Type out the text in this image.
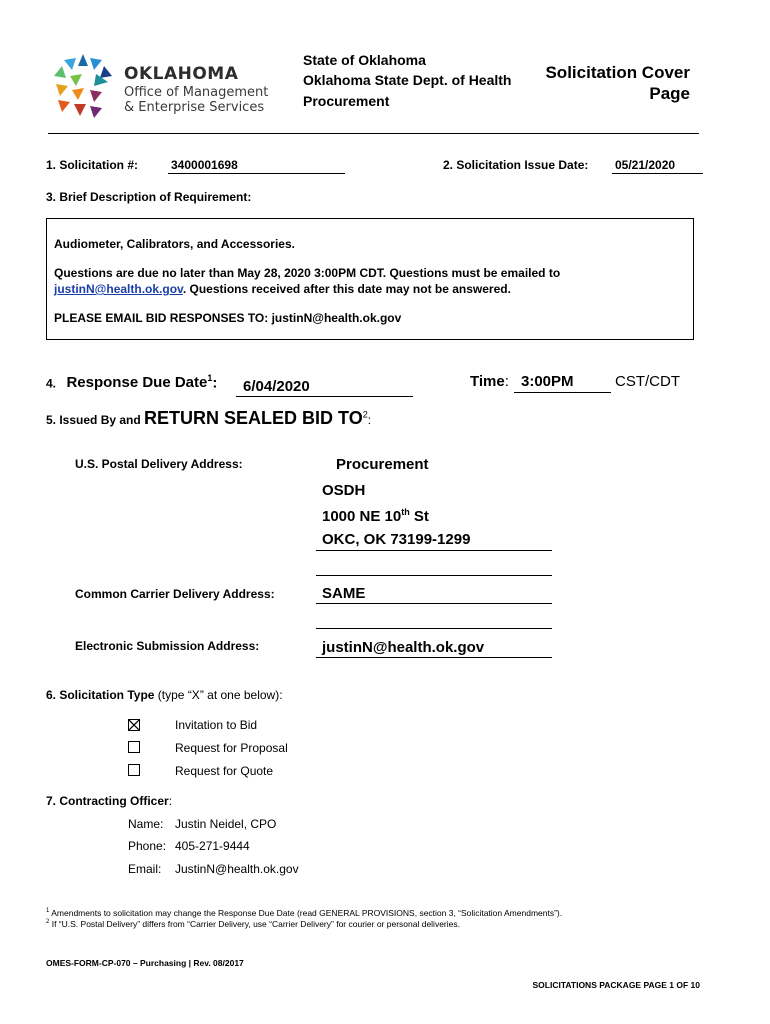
OKLAHOMA
Office of Management
& Enterprise Services
State of Oklahoma
Oklahoma State Dept. of Health
Procurement
Solicitation Cover
Page
1. Solicitation #:	3400001698	2. Solicitation Issue Date: 05/21/2020
3. Brief Description of Requirement:
Audiometer, Calibrators, and Accessories.
Questions are due no later than May 28, 2020 3:00PM CDT. Questions must be emailed to
justinN@health.ok.gov. Questions received after this date may not be answered.
PLEASE EMAIL BID RESPONSES TO: justinN@health.ok.gov
4. Response Due Date$^1$:	6/04/2020	Time: 3:00PM	CST/CDT
5. Issued By and RETURN SEALED BID $TO^2$:
U.S. Postal Delivery Address:	Procurement
OSDH
1000 NE 10th St
OKC, OK 73199-1299
Common Carrier Delivery Address:	SAME
Electronic Submission Address:	justinN@health.ok.gov
6. Solicitation Type (type “X” at one below):
Invitation to Bid
Request for Proposal
Request for Quote
7. Contracting Officer:
Name: Justin Neidel, CPO
Phone: 405-271-9444
Email: JustinN@health.ok.gov
$^1$ Amendments to solicitation may change the Response Due Date (read GENERAL PROVISIONS, section 3, “Solicitation Amendments”).
$^2$ If “U.S. Postal Delivery” differs from “Carrier Delivery, use “Carrier Delivery” for courier or personal deliveries.
OMES-FORM-CP-070 – Purchasing | Rev. 08/2017
SOLICITATIONS PACKAGE PAGE 1 OF 10
